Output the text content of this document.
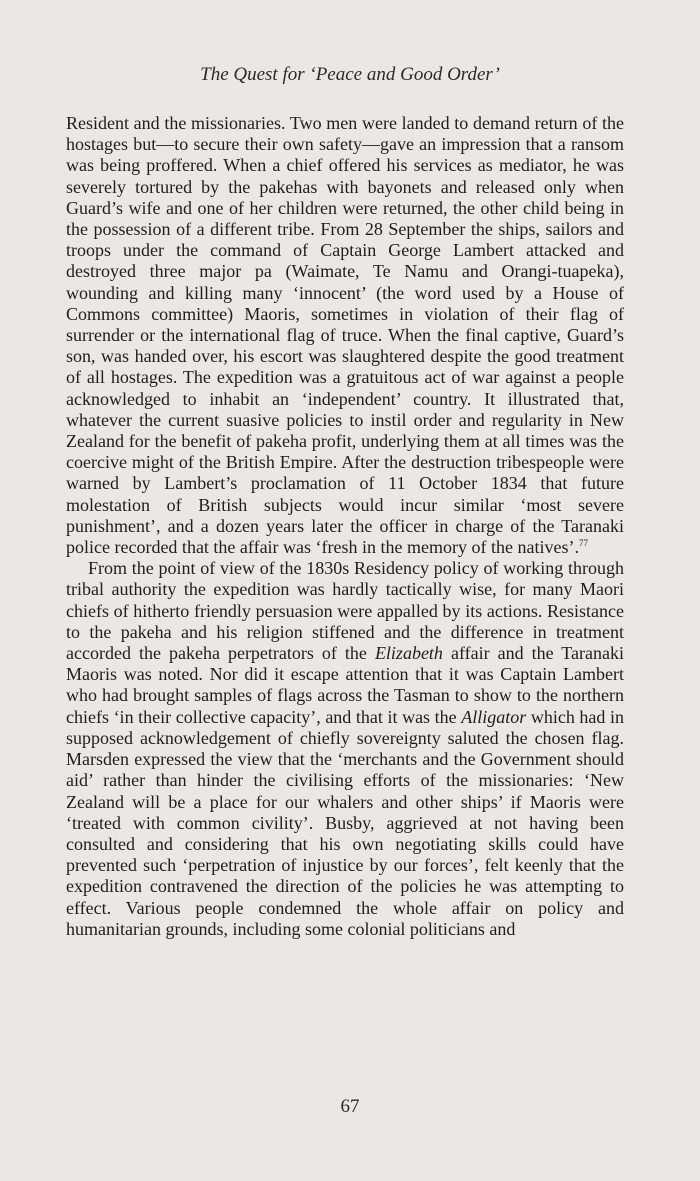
The Quest for ‘Peace and Good Order’

Resident and the missionaries. Two men were landed to demand return of the hostages but—to secure their own safety—gave an impression that a ransom was being proffered. When a chief offered his services as mediator, he was severely tortured by the pakehas with bayonets and released only when Guard’s wife and one of her children were returned, the other child being in the possession of a different tribe. From 28 September the ships, sailors and troops under the command of Captain George Lambert attacked and destroyed three major pa (Waimate, Te Namu and Orangi-tuapeka), wounding and killing many ‘innocent’ (the word used by a House of Commons committee) Maoris, sometimes in violation of their flag of surrender or the international flag of truce. When the final captive, Guard’s son, was handed over, his escort was slaughtered despite the good treatment of all hostages. The expedition was a gratuitous act of war against a people acknowledged to inhabit an ‘independent’ country. It illustrated that, whatever the current suasive policies to instil order and regularity in New Zealand for the benefit of pakeha profit, underlying them at all times was the coercive might of the British Empire. After the destruction tribespeople were warned by Lambert’s proclamation of 11 October 1834 that future molestation of British subjects would incur similar ‘most severe punishment’, and a dozen years later the officer in charge of the Taranaki police recorded that the affair was ‘fresh in the memory of the natives’.$^{77}$

From the point of view of the 1830s Residency policy of working through tribal authority the expedition was hardly tactically wise, for many Maori chiefs of hitherto friendly persuasion were appalled by its actions. Resistance to the pakeha and his religion stiffened and the difference in treatment accorded the pakeha perpetrators of the Elizabeth affair and the Taranaki Maoris was noted. Nor did it escape attention that it was Captain Lambert who had brought samples of flags across the Tasman to show to the northern chiefs ‘in their collective capacity’, and that it was the Alligator which had in supposed acknowledgement of chiefly sovereignty saluted the chosen flag. Marsden expressed the view that the ‘merchants and the Government should aid’ rather than hinder the civilising efforts of the missionaries: ‘New Zealand will be a place for our whalers and other ships’ if Maoris were ‘treated with common civility’. Busby, aggrieved at not having been consulted and considering that his own negotiating skills could have prevented such ‘perpetration of injustice by our forces’, felt keenly that the expedition contravened the direction of the policies he was attempting to effect. Various people condemned the whole affair on policy and humanitarian grounds, including some colonial politicians and

67
